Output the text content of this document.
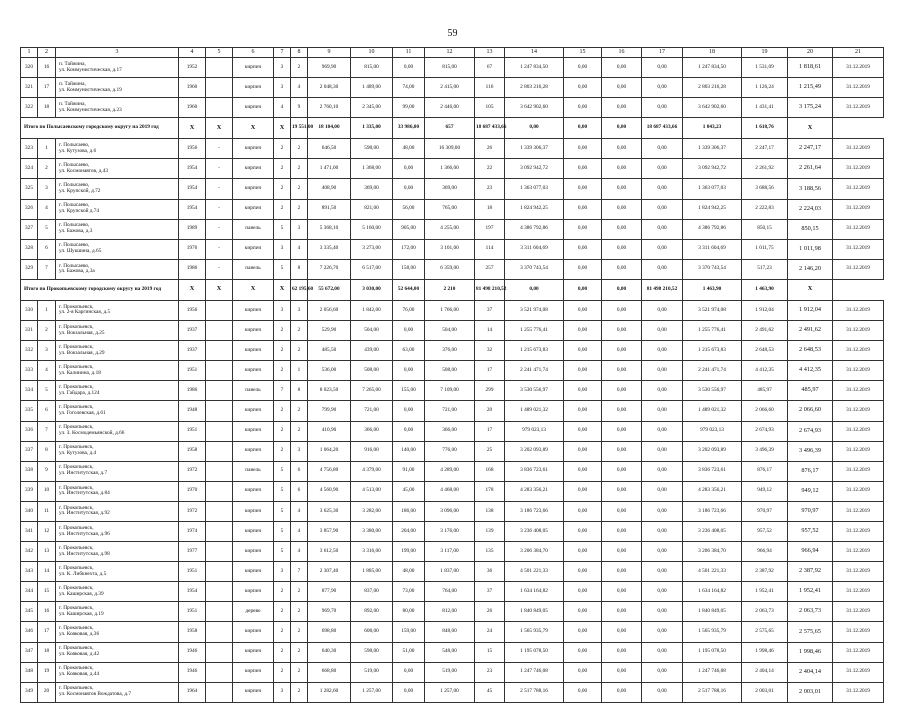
59
1	2	3	4	5	6	7	8	9	10	11	12	13	14	15	16	17	18	19	20	21
320	16	п. Тайжина,
ул. Коммунистическая, д.17	1952		кирпич	3	2	969,90	815,00	0,00	815,00	67	1 247 834,50	0,00	0,00	0,00	1 247 834,50	1 531,09	1 818,61	31.12.2019
321	17	п. Тайжина,
ул. Коммунистическая, д.19	1960		кирпич	3	4	2 048,30	1 489,00	74,00	2 415,00	116	2 803 216,28	0,00	0,00	0,00	2 803 216,28	1 126,24	1 215,49	31.12.2019
322	18	п. Тайжина,
ул. Коммунистическая, д.23	1960		кирпич	4	9	2 760,10	2 345,00	99,00	2 446,00	105	3 642 902,60	0,00	0,00	0,00	3 642 902,60	1 431,41	3 175,24	31.12.2019
Итого по Полысаевскому городскому округу на 2019 год			X	X	X	X	19 551,00	18 104,00	1 335,00	33 986,00	657	18 687 433,66	0,00	0,00	0,00	18 687 433,66	1 043,23	1 618,76	X	
323	1	г. Полысаево,
ул. Кутузова, д.6	1956	-	кирпич	2	2	646,50	598,00	48,00	16 309,00	26	1 339 306,37	0,00	0,00	0,00	1 339 306,37	2 247,17	2 247,17	31.12.2019
324	2	г. Полысаево,
ул. Космонавтов, д.43	1954	-	кирпич	2	2	1 471,00	1 368,00	0,00	1 366,00	22	3 092 942,72	0,00	0,00	0,00	3 092 942,72	2 261,92	2 261,64	31.12.2019
325	3	г. Полысаево,
ул. Крупской, д.72	1954	-	кирпич	2	2	408,90	369,00	0,00	369,00	23	1 363 077,03	0,00	0,00	0,00	1 363 077,03	3 688,56	3 188,56	31.12.2019
326	4	г. Полысаево,
ул. Крупской д.74	1954	-	кирпич	2	2	891,50	821,00	56,00	765,00	18	1 824 942,25	0,00	0,00	0,00	1 824 942,25	2 222,83	2 224,03	31.12.2019
327	5	г. Полысаево,
ул. Бажова, д.3	1989	-	панель	5	3	5 368,10	5 160,00	905,00	4 255,00	197	4 386 792,86	0,00	0,00	0,00	4 386 792,86	850,15	850,15	31.12.2019
328	6	г. Полысаево,
ул. Шукшина, д.65	1976	-	кирпич	3	4	3 335,40	3 273,00	172,00	3 101,00	114	3 311 604,69	0,00	0,00	0,00	3 311 604,69	1 011,75	1 011,98	31.12.2019
329	7	г. Полысаево,
ул. Бажова, д.3а	1986	-	панель	5	8	7 226,70	6 517,00	158,00	6 359,00	257	3 370 743,54	0,00	0,00	0,00	3 370 743,54	517,23	2 146,20	31.12.2019
Итого по Прокопьевскому городскому округу на 2019 год			X	X	X	X	62 195,60	55 672,00	3 030,00	52 644,00	2 210	81 498 210,52	0,00	0,00	0,00	81 498 210,52	1 463,90	1 463,90	X	
330	1	г. Прокопьевск,
ул. 2-я Каргинская, д.5	1956		кирпич	3	3	2 056,60	1 842,00	76,00	1 766,00	37	3 521 974,08	0,00	0,00	0,00	3 521 974,08	1 912,04	1 912,04	31.12.2019
331	2	г. Прокопьевск,
ул. Вокзальная, д.25	1937		кирпич	2	2	529,90	504,00	0,00	504,00	14	1 255 776,41	0,00	0,00	0,00	1 255 776,41	2 491,62	2 491,62	31.12.2019
332	3	г. Прокопьевск,
ул. Вокзальная, д.29	1937		кирпич	2	2	485,50	439,00	63,00	376,00	32	1 215 673,83	0,00	0,00	0,00	1 215 673,83	2 648,53	2 648,53	31.12.2019
333	4	г. Прокопьевск,
ул. Калинина, д.18	1951		кирпич	2	1	536,00	508,00	0,00	508,00	17	2 241 471,74	0,00	0,00	0,00	2 241 471,74	4 412,35	4 412,35	31.12.2019
334	5	г. Прокопьевск,
ул. Гайдара, д.124	1986		панель	7	8	8 023,50	7 265,00	155,00	7 109,00	299	3 530 556,97	0,00	0,00	0,00	3 530 556,97	485,97	485,97	31.12.2019
335	6	г. Прокопьевск,
ул. Гоголевская, д.61	1948		кирпич	2	2	799,90	721,00	0,00	721,00	20	1 489 021,32	0,00	0,00	0,00	1 489 021,32	2 066,60	2 066,60	31.12.2019
336	7	г. Прокопьевск,
ул. З. Космодемьянской, д.66	1951		кирпич	2	2	410,90	366,00	0,00	366,00	17	979 023,13	0,00	0,00	0,00	979 023,13	2 674,93	2 674,93	31.12.2019
337	8	г. Прокопьевск,
ул. Кутузова, д.4	1958		кирпич	2	3	1 064,20	916,00	140,00	776,00	25	3 202 093,89	0,00	0,00	0,00	3 202 093,89	3 496,39	3 496,39	31.12.2019
338	9	г. Прокопьевск,
ул. Институтская, д.7	1972		панель	5	6	4 756,80	4 379,00	91,00	4 289,00	168	3 836 723,61	0,00	0,00	0,00	3 836 723,61	876,17	876,17	31.12.2019
339	10	г. Прокопьевск,
ул. Институтская, д.84	1970		кирпич	5	6	4 560,90	4 513,00	45,00	4 468,00	178	4 283 356,21	0,00	0,00	0,00	4 283 356,21	949,12	949,12	31.12.2019
340	11	г. Прокопьевск,
ул. Институтская, д.92	1972		кирпич	5	4	3 625,30	3 282,00	186,00	3 096,00	138	3 186 723,66	0,00	0,00	0,00	3 186 723,66	970,97	970,97	31.12.2019
341	12	г. Прокопьевск,
ул. Институтская, д.96	1974		кирпич	5	4	3 857,90	3 380,00	204,00	3 176,00	139	3 236 408,05	0,00	0,00	0,00	3 236 408,05	957,52	957,52	31.12.2019
342	13	г. Прокопьевск,
ул. Институтская, д.98	1977		кирпич	5	4	3 612,50	3 316,00	199,00	3 117,00	135	3 206 384,70	0,00	0,00	0,00	3 206 384,70	966,94	966,94	31.12.2019
343	14	г. Прокопьевск,
ул. К. Либкнехта, д.5	1951		кирпич	3	7	2 307,40	1 885,00	48,00	1 837,00	36	4 501 221,33	0,00	0,00	0,00	4 501 221,33	2 387,92	2 387,92	31.12.2019
344	15	г. Прокопьевск,
ул. Каширская, д.39	1954		кирпич	2	2	877,90	837,00	73,00	764,00	37	1 634 164,82	0,00	0,00	0,00	1 634 164,82	1 952,41	1 952,41	31.12.2019
345	16	г. Прокопьевск,
ул. Каширская, д.19	1951		дерево	2	2	969,70	892,00	80,00	812,00	26	1 840 849,05	0,00	0,00	0,00	1 840 849,05	2 063,73	2 063,73	31.12.2019
346	17	г. Прокопьевск,
ул. Кояковая, д.36	1958		кирпич	2	2	698,80	608,00	159,00	848,00	24	1 565 935,79	0,00	0,00	0,00	1 565 935,79	2 575,65	2 575,65	31.12.2019
347	18	г. Прокопьевск,
ул. Кояковая, д.42	1946		кирпич	2	2	640,30	598,00	51,00	548,00	15	1 195 078,50	0,00	0,00	0,00	1 195 078,50	1 998,46	1 998,46	31.12.2019
348	19	г. Прокопьевск,
ул. Кояковая, д.44	1946		кирпич	2	2	668,80	519,00	0,00	519,00	23	1 247 746,08	0,00	0,00	0,00	1 247 746,08	2 404,14	2 404,14	31.12.2019
349	20	г. Прокопьевск,
ул. Космонавтов Вождатова, д.7	1964		кирпич	3	2	1 282,60	1 257,00	0,00	1 257,00	45	2 517 788,16	0,00	0,00	0,00	2 517 788,16	2 003,01	2 003,01	31.12.2019
